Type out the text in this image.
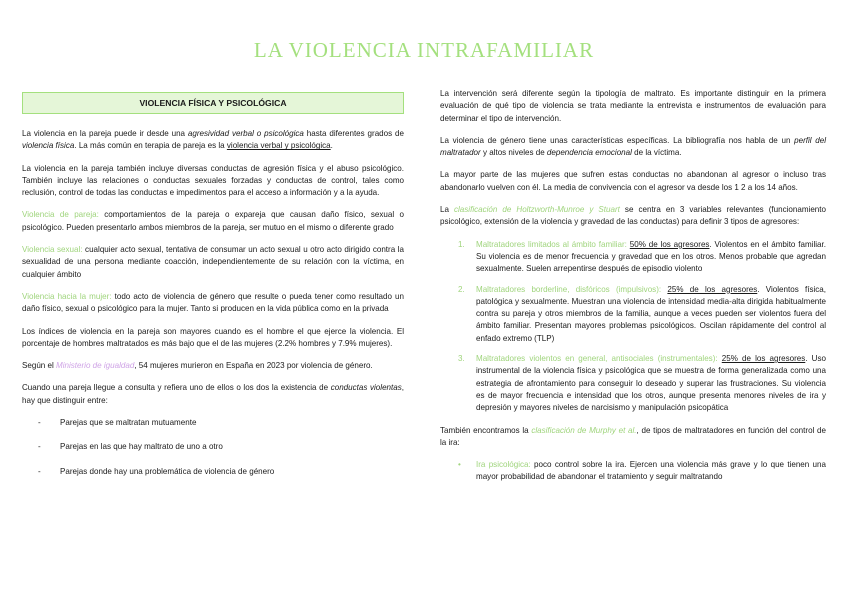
LA VIOLENCIA INTRAFAMILIAR
VIOLENCIA FÍSICA Y PSICOLÓGICA

La violencia en la pareja puede ir desde una agresividad verbal o psicológica hasta diferentes grados de violencia física. La más común en terapia de pareja es la violencia verbal y psicológica.

La violencia en la pareja también incluye diversas conductas de agresión física y el abuso psicológico. También incluye las relaciones o conductas sexuales forzadas y conductas de control, tales como reclusión, control de todas las conductas e impedimentos para el acceso a información y a la ayuda.

Violencia de pareja: comportamientos de la pareja o expareja que causan daño físico, sexual o psicológico. Pueden presentarlo ambos miembros de la pareja, ser mutuo en el mismo o diferente grado

Violencia sexual: cualquier acto sexual, tentativa de consumar un acto sexual u otro acto dirigido contra la sexualidad de una persona mediante coacción, independientemente de su relación con la víctima, en cualquier ámbito

Violencia hacia la mujer: todo acto de violencia de género que resulte o pueda tener como resultado un daño físico, sexual o psicológico para la mujer. Tanto si producen en la vida pública como en la privada

Los índices de violencia en la pareja son mayores cuando es el hombre el que ejerce la violencia. El porcentaje de hombres maltratados es más bajo que el de las mujeres (2.2% hombres y 7.9% mujeres).

Según el Ministerio de igualdad, 54 mujeres murieron en España en 2023 por violencia de género.

Cuando una pareja llegue a consulta y refiera uno de ellos o los dos la existencia de conductas violentas, hay que distinguir entre:

- Parejas que se maltratan mutuamente
- Parejas en las que hay maltrato de uno a otro
- Parejas donde hay una problemática de violencia de género

La intervención será diferente según la tipología de maltrato. Es importante distinguir en la primera evaluación de qué tipo de violencia se trata mediante la entrevista e instrumentos de evaluación para determinar el tipo de intervención.

La violencia de género tiene unas características específicas. La bibliografía nos habla de un perfil del maltratador y altos niveles de dependencia emocional de la víctima.

La mayor parte de las mujeres que sufren estas conductas no abandonan al agresor o incluso tras abandonarlo vuelven con él. La media de convivencia con el agresor va desde los 1 2 a los 14 años.

La clasificación de Holtzworth-Munroe y Stuart se centra en 3 variables relevantes (funcionamiento psicológico, extensión de la violencia y gravedad de las conductas) para definir 3 tipos de agresores:

1. Maltratadores limitados al ámbito familiar: 50% de los agresores. Violentos en el ámbito familiar. Su violencia es de menor frecuencia y gravedad que en los otros. Menos probable que agredan sexualmente. Suelen arrepentirse después de episodio violento
2. Maltratadores borderline, disfóricos (impulsivos): 25% de los agresores. Violentos física, patológica y sexualmente. Muestran una violencia de intensidad media-alta dirigida habitualmente contra su pareja y otros miembros de la familia, aunque a veces pueden ser violentos fuera del ámbito familiar. Presentan mayores problemas psicológicos. Oscilan rápidamente del control al enfado extremo (TLP)
3. Maltratadores violentos en general, antisociales (instrumentales): 25% de los agresores. Uso instrumental de la violencia física y psicológica que se muestra de forma generalizada como una estrategia de afrontamiento para conseguir lo deseado y superar las frustraciones. Su violencia es de mayor frecuencia e intensidad que los otros, aunque presenta menores niveles de ira y depresión y mayores niveles de narcisismo y manipulación psicopática

También encontramos la clasificación de Murphy et al., de tipos de maltratadores en función del control de la ira:

• Ira psicológica: poco control sobre la ira. Ejercen una violencia más grave y lo que tienen una mayor probabilidad de abandonar el tratamiento y seguir maltratando
